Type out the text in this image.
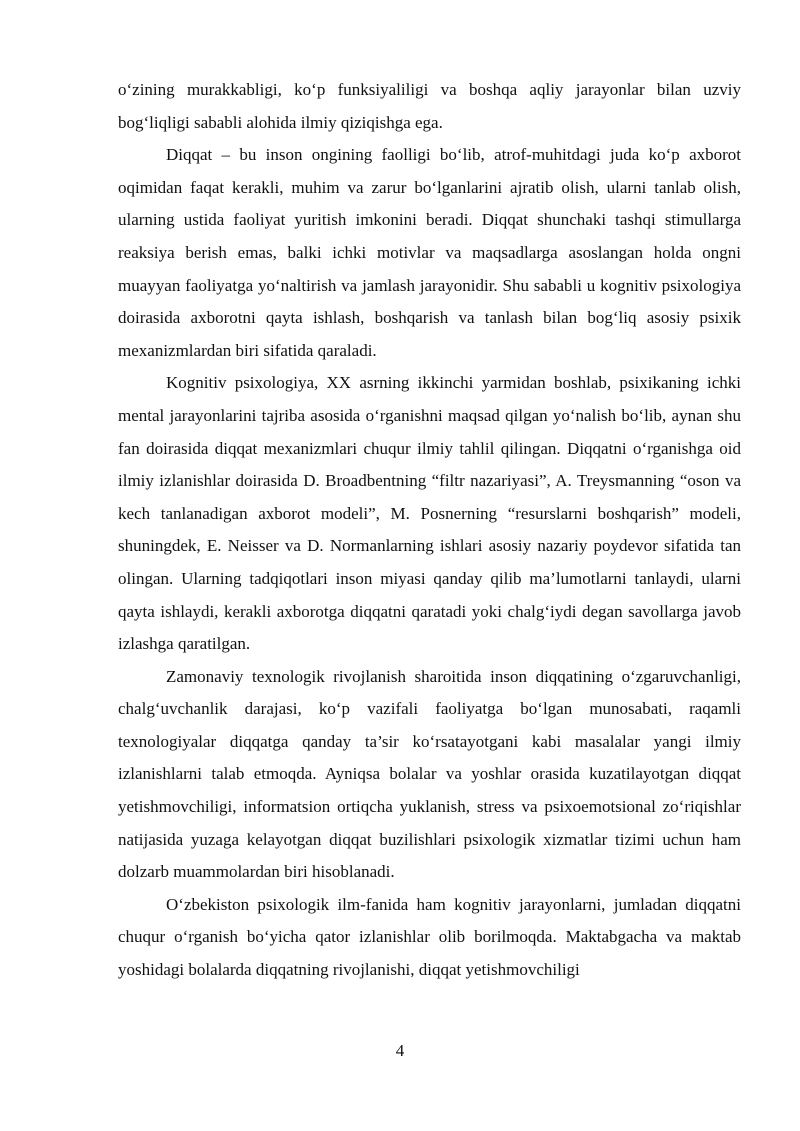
o‘zining murakkabligi, ko‘p funksiyaliligi va boshqa aqliy jarayonlar bilan uzviy bog‘liqligi sababli alohida ilmiy qiziqishga ega.

Diqqat – bu inson ongining faolligi bo‘lib, atrof-muhitdagi juda ko‘p axborot oqimidan faqat kerakli, muhim va zarur bo‘lganlarini ajratib olish, ularni tanlab olish, ularning ustida faoliyat yuritish imkonini beradi. Diqqat shunchaki tashqi stimullarga reaksiya berish emas, balki ichki motivlar va maqsadlarga asoslangan holda ongni muayyan faoliyatga yo‘naltirish va jamlash jarayonidir. Shu sababli u kognitiv psixologiya doirasida axborotni qayta ishlash, boshqarish va tanlash bilan bog‘liq asosiy psixik mexanizmlardan biri sifatida qaraladi.

Kognitiv psixologiya, XX asrning ikkinchi yarmidan boshlab, psixikaning ichki mental jarayonlarini tajriba asosida o‘rganishni maqsad qilgan yo‘nalish bo‘lib, aynan shu fan doirasida diqqat mexanizmlari chuqur ilmiy tahlil qilingan. Diqqatni o‘rganishga oid ilmiy izlanishlar doirasida D. Broadbentning “filtr nazariyasi”, A. Treysmanning “oson va kech tanlanadigan axborot modeli”, M. Posnerning “resurslarni boshqarish” modeli, shuningdek, E. Neisser va D. Normanlarning ishlari asosiy nazariy poydevor sifatida tan olingan. Ularning tadqiqotlari inson miyasi qanday qilib ma’lumotlarni tanlaydi, ularni qayta ishlaydi, kerakli axborotga diqqatni qaratadi yoki chalg‘iydi degan savollarga javob izlashga qaratilgan.

Zamonaviy texnologik rivojlanish sharoitida inson diqqatining o‘zgaruvchanligi, chalg‘uvchanlik darajasi, ko‘p vazifali faoliyatga bo‘lgan munosabati, raqamli texnologiyalar diqqatga qanday ta’sir ko‘rsatayotgani kabi masalalar yangi ilmiy izlanishlarni talab etmoqda. Ayniqsa bolalar va yoshlar orasida kuzatilayotgan diqqat yetishmovchiligi, informatsion ortiqcha yuklanish, stress va psixoemotsional zo‘riqishlar natijasida yuzaga kelayotgan diqqat buzilishlari psixologik xizmatlar tizimi uchun ham dolzarb muammolardan biri hisoblanadi.

O‘zbekiston psixologik ilm-fanida ham kognitiv jarayonlarni, jumladan diqqatni chuqur o‘rganish bo‘yicha qator izlanishlar olib borilmoqda. Maktabgacha va maktab yoshidagi bolalarda diqqatning rivojlanishi, diqqat yetishmovchiligi

4
